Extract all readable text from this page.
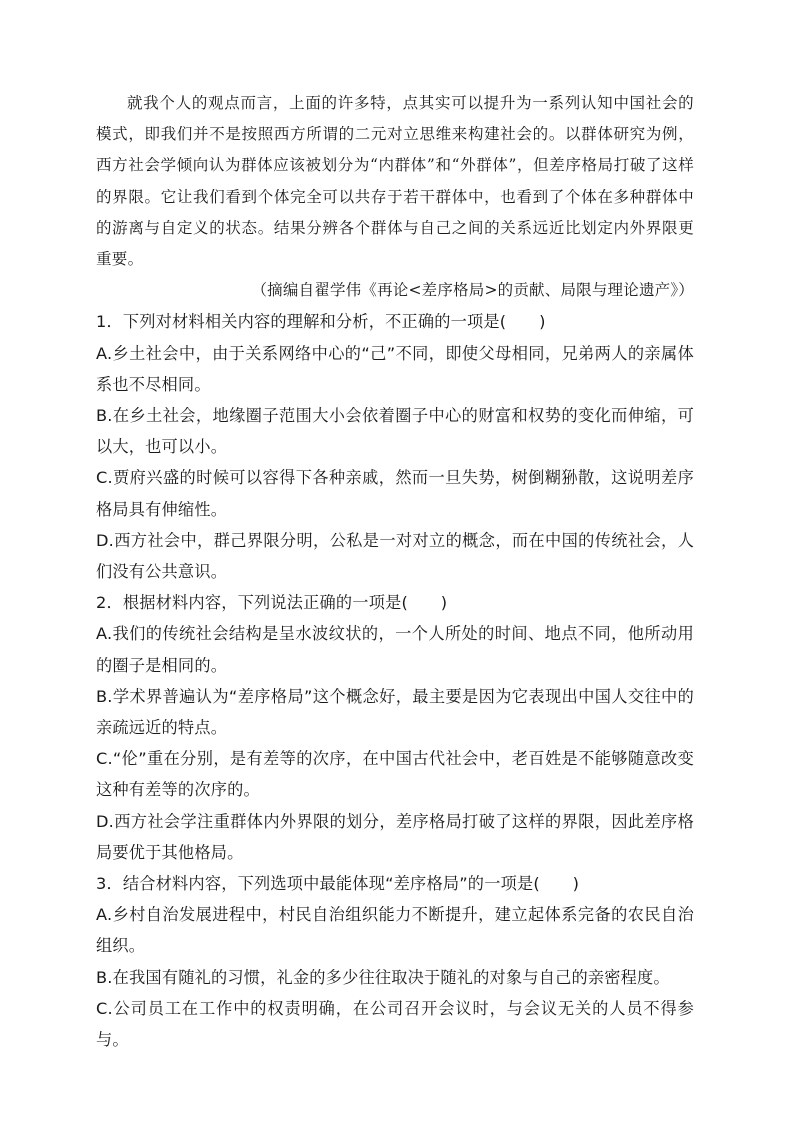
就我个人的观点而言，上面的许多特，点其实可以提升为一系列认知中国社会的模式，即我们并不是按照西方所谓的二元对立思维来构建社会的。以群体研究为例，西方社会学倾向认为群体应该被划分为“内群体”和“外群体”，但差序格局打破了这样的界限。它让我们看到个体完全可以共存于若干群体中，也看到了个体在多种群体中的游离与自定义的状态。结果分辨各个群体与自己之间的关系远近比划定内外界限更重要。

（摘编自翟学伟《再论<差序格局>的贡献、局限与理论遗产》）

1．下列对材料相关内容的理解和分析，不正确的一项是(　　)

A.乡土社会中，由于关系网络中心的“己”不同，即使父母相同，兄弟两人的亲属体系也不尽相同。

B.在乡土社会，地缘圈子范围大小会依着圈子中心的财富和权势的变化而伸缩，可以大，也可以小。

C.贾府兴盛的时候可以容得下各种亲戚，然而一旦失势，树倒糊狲散，这说明差序格局具有伸缩性。

D.西方社会中，群己界限分明，公私是一对对立的概念，而在中国的传统社会，人们没有公共意识。

2．根据材料内容，下列说法正确的一项是(　　)

A.我们的传统社会结构是呈水波纹状的，一个人所处的时间、地点不同，他所动用的圈子是相同的。

B.学术界普遍认为“差序格局”这个概念好，最主要是因为它表现出中国人交往中的亲疏远近的特点。

C.“伦”重在分别，是有差等的次序，在中国古代社会中，老百姓是不能够随意改变这种有差等的次序的。

D.西方社会学注重群体内外界限的划分，差序格局打破了这样的界限，因此差序格局要优于其他格局。

3．结合材料内容，下列选项中最能体现“差序格局”的一项是(　　)

A.乡村自治发展进程中，村民自治组织能力不断提升，建立起体系完备的农民自治组织。

B.在我国有随礼的习惯，礼金的多少往往取决于随礼的对象与自己的亲密程度。

C.公司员工在工作中的权责明确，在公司召开会议时，与会议无关的人员不得参与。
